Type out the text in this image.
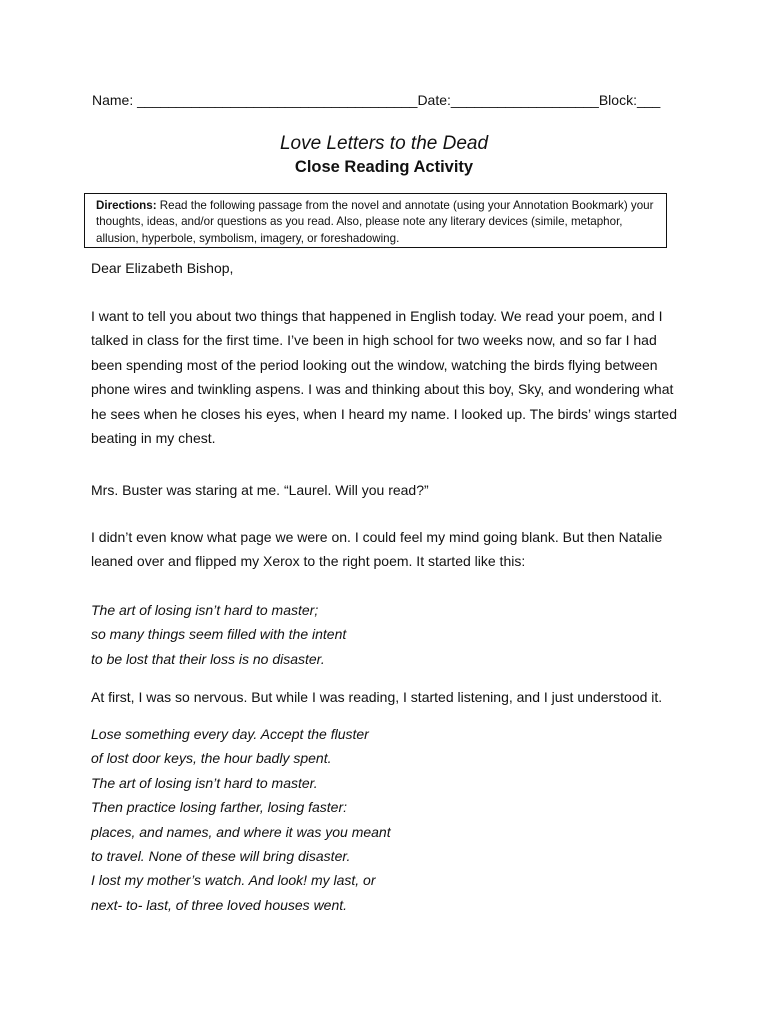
Name: ____________________________________Date:___________________Block:___
Love Letters to the Dead
Close Reading Activity
Directions: Read the following passage from the novel and annotate (using your Annotation Bookmark) your thoughts, ideas, and/or questions as you read. Also, please note any literary devices (simile, metaphor, allusion, hyperbole, symbolism, imagery, or foreshadowing.

Dear Elizabeth Bishop,

I want to tell you about two things that happened in English today. We read your poem, and I
talked in class for the first time. I’ve been in high school for two weeks now, and so far I had
been spending most of the period looking out the window, watching the birds flying between
phone wires and twinkling aspens. I was and thinking about this boy, Sky, and wondering what
he sees when he closes his eyes, when I heard my name. I looked up. The birds’ wings started
beating in my chest.

Mrs. Buster was staring at me. “Laurel. Will you read?”

I didn’t even know what page we were on. I could feel my mind going blank. But then Natalie
leaned over and flipped my Xerox to the right poem. It started like this:
The art of losing isn’t hard to master;
so many things seem filled with the intent
to be lost that their loss is no disaster.

At first, I was so nervous. But while I was reading, I started listening, and I just understood it.

Lose something every day. Accept the fluster
of lost door keys, the hour badly spent.
The art of losing isn’t hard to master.
Then practice losing farther, losing faster:
places, and names, and where it was you meant
to travel. None of these will bring disaster.
I lost my mother’s watch. And look! my last, or
next- to- last, of three loved houses went.
